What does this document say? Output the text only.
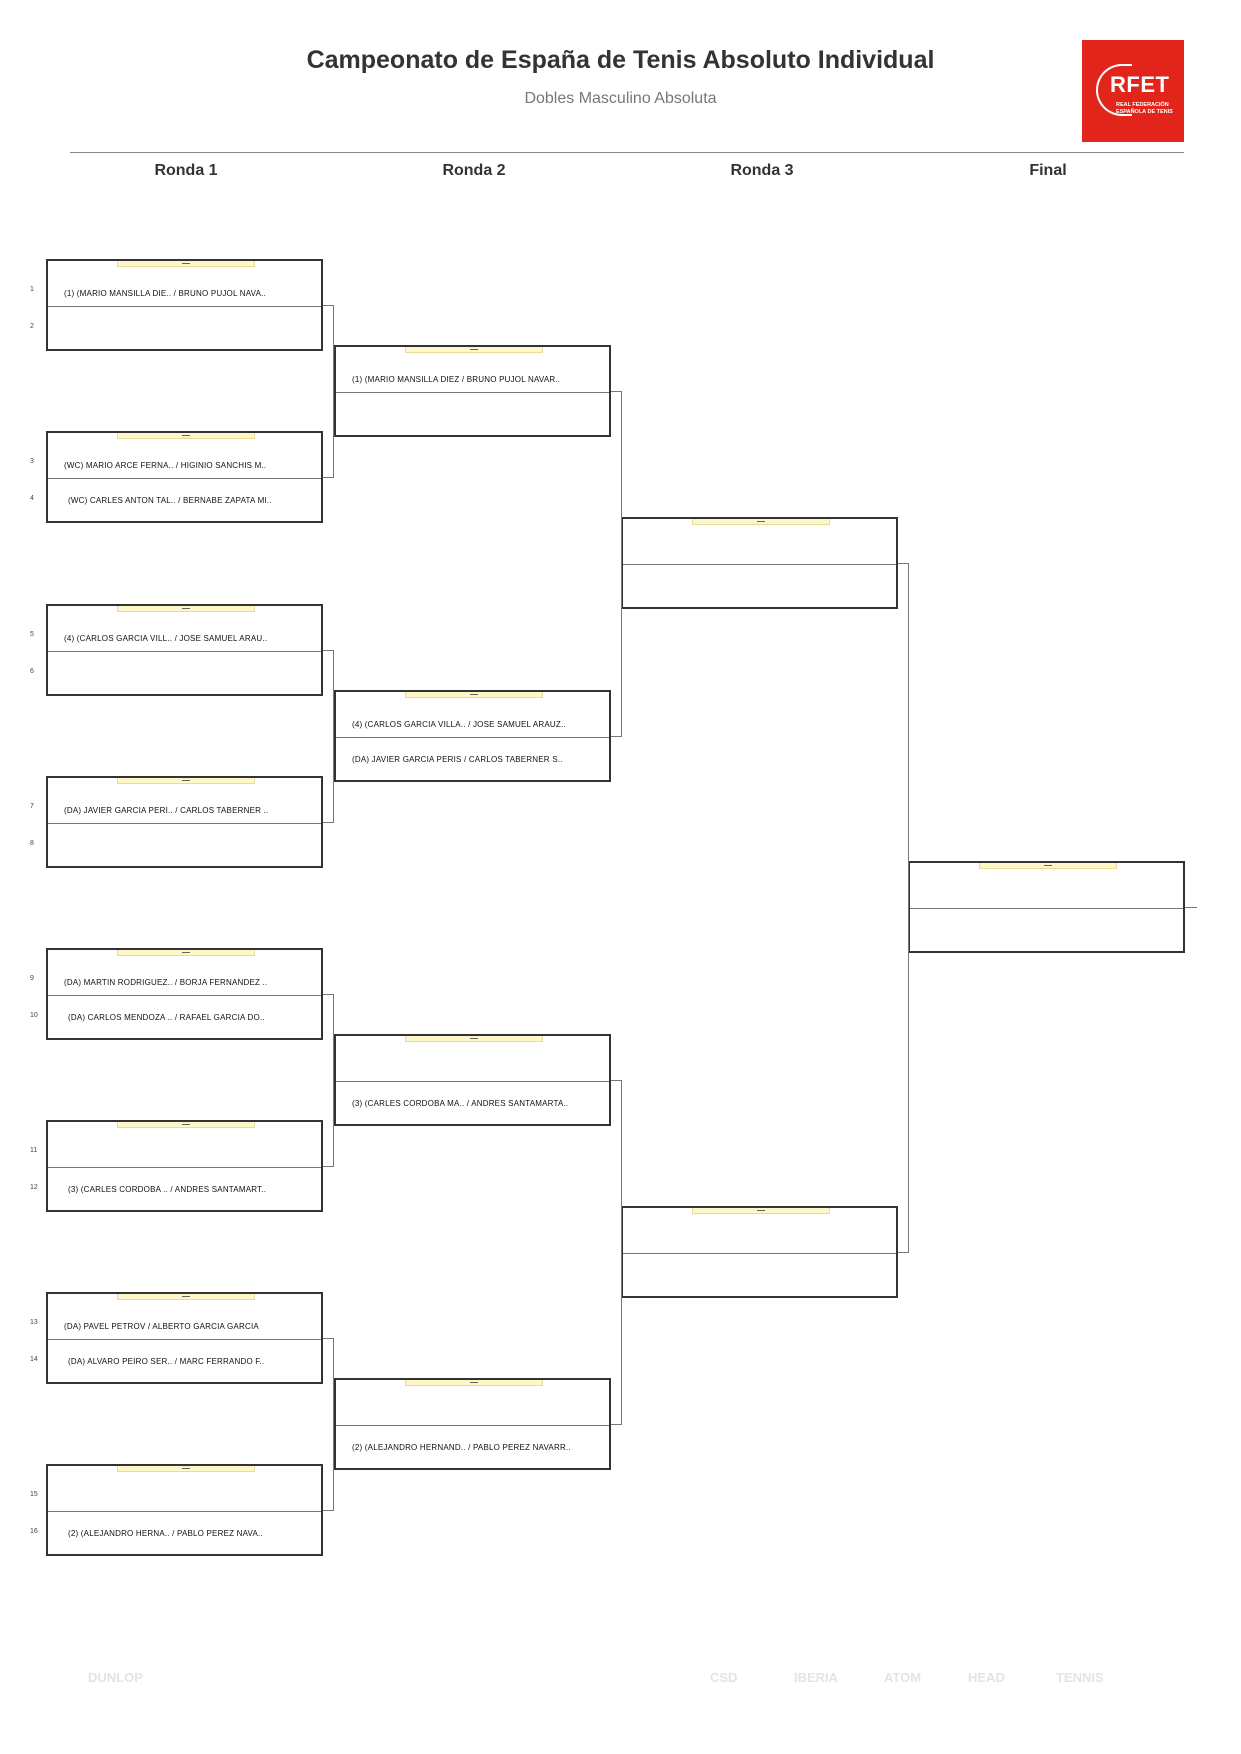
Campeonato de España de Tenis Absoluto Individual
Dobles Masculino Absoluta
RFET
REAL FEDERACIÓN
ESPAÑOLA DE TENIS
Ronda 1	Ronda 2	Ronda 3	Final
(1) (MARIO MANSILLA DIE.. / BRUNO PUJOL NAVA..
1
2
(WC) MARIO ARCE FERNA.. / HIGINIO SANCHIS M..
(WC) CARLES ANTON TAL.. / BERNABE ZAPATA MI..
3
4
(4) (CARLOS GARCIA VILL.. / JOSE SAMUEL ARAU..
5
6
(DA) JAVIER GARCIA PERI.. / CARLOS TABERNER ..
7
8
(DA) MARTIN RODRIGUEZ.. / BORJA FERNANDEZ ..
(DA) CARLOS MENDOZA .. / RAFAEL GARCIA DO..
9
10
(3) (CARLES CORDOBA .. / ANDRES SANTAMART..
11
12
(DA) PAVEL PETROV / ALBERTO GARCIA GARCIA
(DA) ALVARO PEIRO SER.. / MARC FERRANDO F..
13
14
(2) (ALEJANDRO HERNA.. / PABLO PEREZ NAVA..
15
16
(1) (MARIO MANSILLA DIEZ / BRUNO PUJOL NAVAR..
(4) (CARLOS GARCIA VILLA.. / JOSE SAMUEL ARAUZ..
(DA) JAVIER GARCIA PERIS / CARLOS TABERNER S..
(3) (CARLES CORDOBA MA.. / ANDRES SANTAMARTA..
(2) (ALEJANDRO HERNAND.. / PABLO PEREZ NAVARR..
DUNLOP	CSD	IBERIA	ATOM	HEAD	TENNIS
